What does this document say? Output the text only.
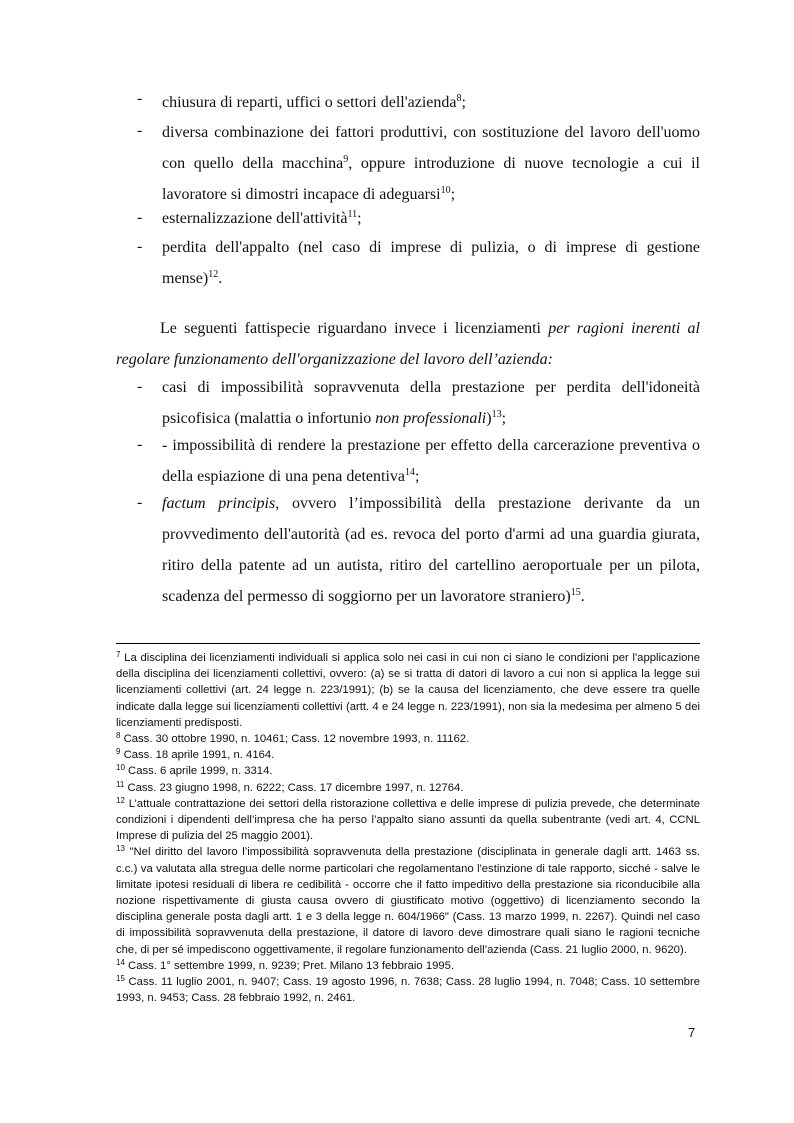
- chiusura di reparti, uffici o settori dell'azienda$^8$;
- diversa combinazione dei fattori produttivi, con sostituzione del lavoro dell'uomo con quello della macchina$^9$, oppure introduzione di nuove tecnologie a cui il lavoratore si dimostri incapace di adeguarsi$^{10}$;
- esternalizzazione dell'attività$^{11}$;
- perdita dell'appalto (nel caso di imprese di pulizia, o di imprese di gestione mense)$^{12}$.
Le seguenti fattispecie riguardano invece i licenziamenti per ragioni inerenti al regolare funzionamento dell'organizzazione del lavoro dell’azienda:
- casi di impossibilità sopravvenuta della prestazione per perdita dell'idoneità psicofisica (malattia o infortunio non professionali)$^{13}$;
- - impossibilità di rendere la prestazione per effetto della carcerazione preventiva o della espiazione di una pena detentiva$^{14}$;
- factum principis, ovvero l’impossibilità della prestazione derivante da un provvedimento dell'autorità (ad es. revoca del porto d'armi ad una guardia giurata, ritiro della patente ad un autista, ritiro del cartellino aeroportuale per un pilota, scadenza del permesso di soggiorno per un lavoratore straniero)$^{15}$.
$^7$ La disciplina dei licenziamenti individuali si applica solo nei casi in cui non ci siano le condizioni per l'applicazione della disciplina dei licenziamenti collettivi, ovvero: (a) se si tratta di datori di lavoro a cui non si applica la legge sui licenziamenti collettivi (art. 24 legge n. 223/1991); (b) se la causa del licenziamento, che deve essere tra quelle indicate dalla legge sui licenziamenti collettivi (artt. 4 e 24 legge n. 223/1991), non sia la medesima per almeno 5 dei licenziamenti predisposti.
$^8$ Cass. 30 ottobre 1990, n. 10461; Cass. 12 novembre 1993, n. 11162.
$^9$ Cass. 18 aprile 1991, n. 4164.
$^{10}$ Cass. 6 aprile 1999, n. 3314.
$^{11}$ Cass. 23 giugno 1998, n. 6222; Cass. 17 dicembre 1997, n. 12764.
$^{12}$ L’attuale contrattazione dei settori della ristorazione collettiva e delle imprese di pulizia prevede, che determinate condizioni i dipendenti dell’impresa che ha perso l’appalto siano assunti da quella subentrante (vedi art. 4, CCNL Imprese di pulizia del 25 maggio 2001).
$^{13}$ "Nel diritto del lavoro l’impossibilità sopravvenuta della prestazione (disciplinata in generale dagli artt. 1463 ss. c.c.) va valutata alla stregua delle norme particolari che regolamentano l'estinzione di tale rapporto, sicché - salve le limitate ipotesi residuali di libera re cedibilità - occorre che il fatto impeditivo della prestazione sia riconducibile alla nozione rispettivamente di giusta causa ovvero di giustificato motivo (oggettivo) di licenziamento secondo la disciplina generale posta dagli artt. 1 e 3 della legge n. 604/1966" (Cass. 13 marzo 1999, n. 2267). Quindi nel caso di impossibilità sopravvenuta della prestazione, il datore di lavoro deve dimostrare quali siano le ragioni tecniche che, di per sé impediscono oggettivamente, il regolare funzionamento dell’azienda (Cass. 21 luglio 2000, n. 9620).
$^{14}$ Cass. 1° settembre 1999, n. 9239; Pret. Milano 13 febbraio 1995.
$^{15}$ Cass. 11 luglio 2001, n. 9407; Cass. 19 agosto 1996, n. 7638; Cass. 28 luglio 1994, n. 7048; Cass. 10 settembre 1993, n. 9453; Cass. 28 febbraio 1992, n. 2461.
7
